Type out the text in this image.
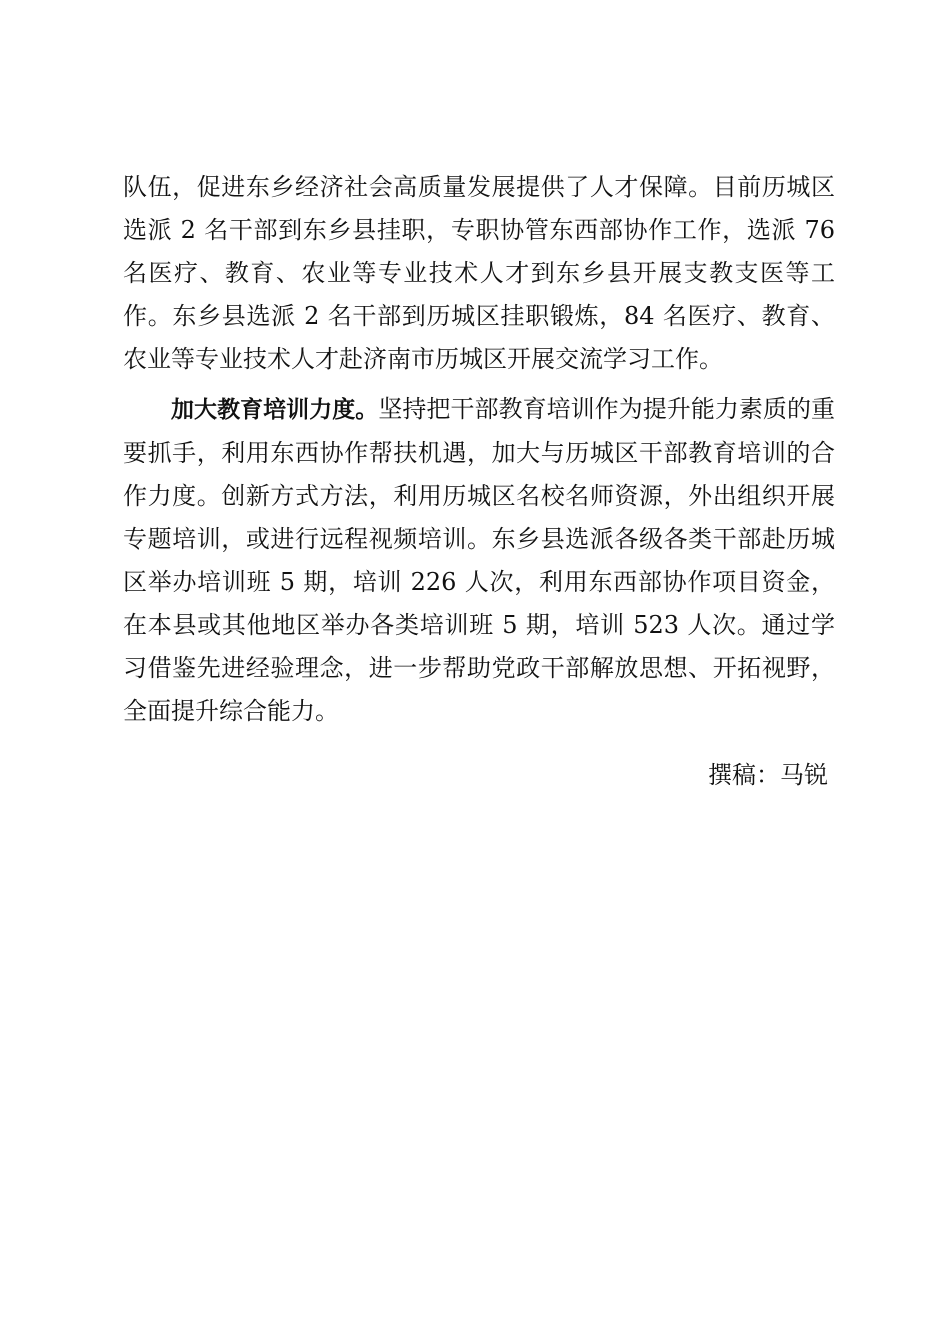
队伍，促进东乡经济社会高质量发展提供了人才保障。目前历城区选派 2 名干部到东乡县挂职，专职协管东西部协作工作，选派 76 名医疗、教育、农业等专业技术人才到东乡县开展支教支医等工作。东乡县选派 2 名干部到历城区挂职锻炼，84 名医疗、教育、农业等专业技术人才赴济南市历城区开展交流学习工作。

加大教育培训力度。坚持把干部教育培训作为提升能力素质的重要抓手，利用东西协作帮扶机遇，加大与历城区干部教育培训的合作力度。创新方式方法，利用历城区名校名师资源，外出组织开展专题培训，或进行远程视频培训。东乡县选派各级各类干部赴历城区举办培训班 5 期，培训 226 人次，利用东西部协作项目资金，在本县或其他地区举办各类培训班 5 期，培训 523 人次。通过学习借鉴先进经验理念，进一步帮助党政干部解放思想、开拓视野，全面提升综合能力。

撰稿：马锐
